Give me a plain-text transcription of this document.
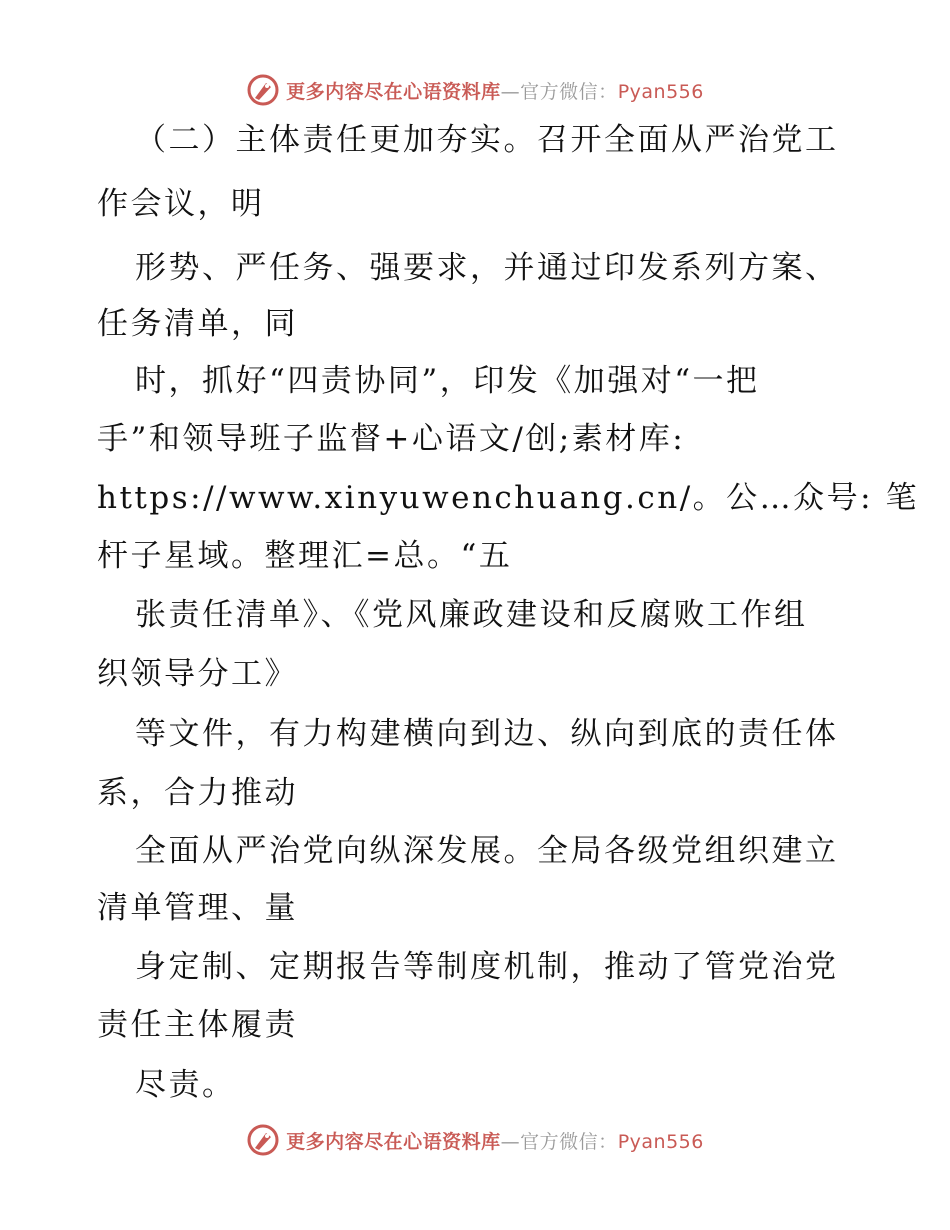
更多内容尽在心语资料库—官方微信：Pyan556
（二）主体责任更加夯实。召开全面从严治党工
作会议，明
形势、严任务、强要求，并通过印发系列方案、
任务清单，同
时，抓好“四责协同”，印发《加强对“一把
手”和领导班子监督+心语文/创;素材库:
https://www.xinyuwenchuang.cn/。公…众号: 笔
杆子星域。整理汇=总。“五
张责任清单》、《党风廉政建设和反腐败工作组
织领导分工》
等文件，有力构建横向到边、纵向到底的责任体
系，合力推动
全面从严治党向纵深发展。全局各级党组织建立
清单管理、量
身定制、定期报告等制度机制，推动了管党治党
责任主体履责
尽责。
更多内容尽在心语资料库—官方微信：Pyan556
